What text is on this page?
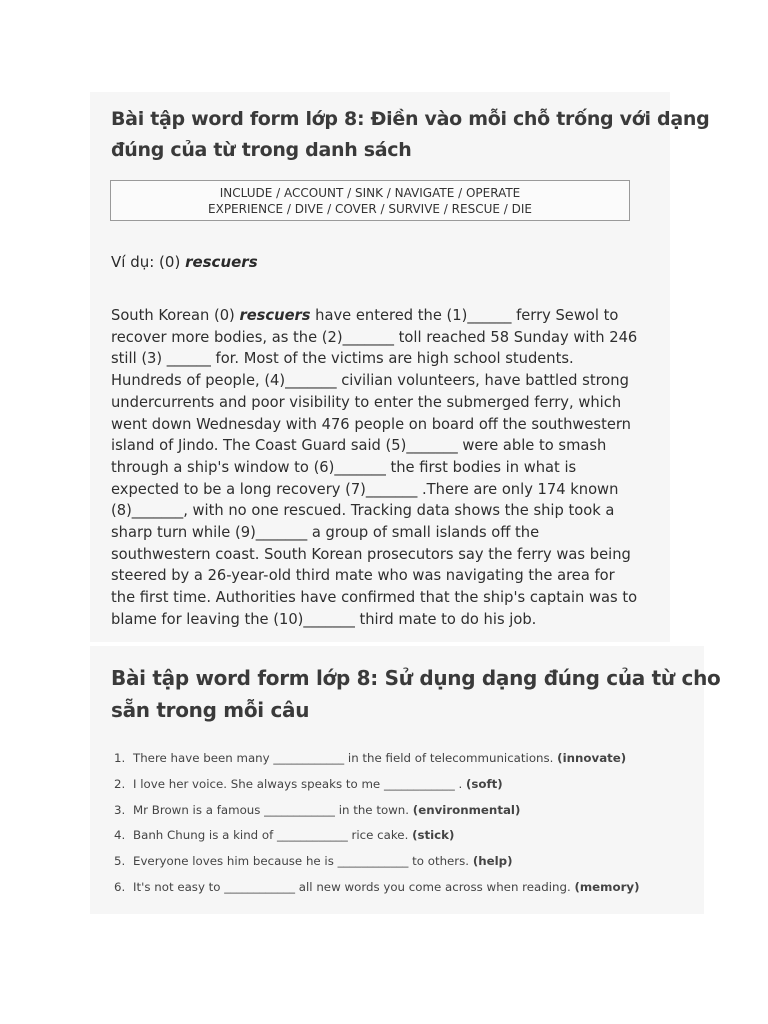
Bài tập word form lớp 8: Điền vào mỗi chỗ trống với dạng
đúng của từ trong danh sách
INCLUDE / ACCOUNT / SINK / NAVIGATE / OPERATE
EXPERIENCE / DIVE / COVER / SURVIVE / RESCUE / DIE
Ví dụ: (0) rescuers
South Korean (0) rescuers have entered the (1)______ ferry Sewol to
recover more bodies, as the (2)_______ toll reached 58 Sunday with 246
still (3) ______ for. Most of the victims are high school students.
Hundreds of people, (4)_______ civilian volunteers, have battled strong
undercurrents and poor visibility to enter the submerged ferry, which
went down Wednesday with 476 people on board off the southwestern
island of Jindo. The Coast Guard said (5)_______ were able to smash
through a ship's window to (6)_______ the first bodies in what is
expected to be a long recovery (7)_______ .There are only 174 known
(8)_______, with no one rescued. Tracking data shows the ship took a
sharp turn while (9)_______ a group of small islands off the
southwestern coast. South Korean prosecutors say the ferry was being
steered by a 26-year-old third mate who was navigating the area for
the first time. Authorities have confirmed that the ship's captain was to
blame for leaving the (10)_______ third mate to do his job.
Bài tập word form lớp 8: Sử dụng dạng đúng của từ cho
sẵn trong mỗi câu
1. There have been many ____________ in the field of telecommunications. (innovate)
2. I love her voice. She always speaks to me ____________ . (soft)
3. Mr Brown is a famous ____________ in the town. (environmental)
4. Banh Chung is a kind of ____________ rice cake. (stick)
5. Everyone loves him because he is ____________ to others. (help)
6. It's not easy to ____________ all new words you come across when reading. (memory)
